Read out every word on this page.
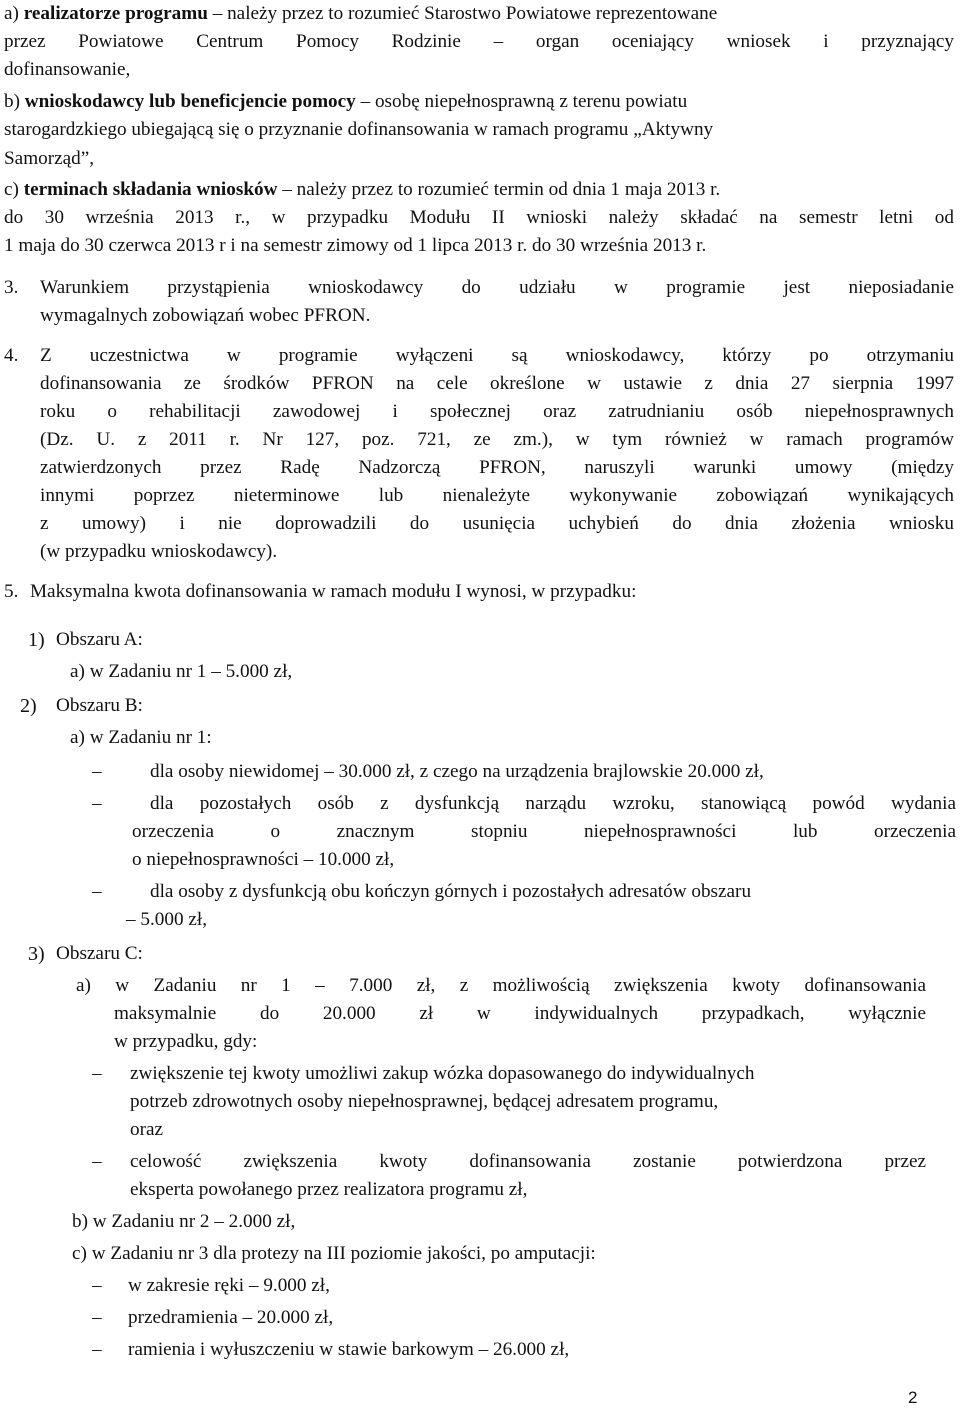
a) realizatorze programu – należy przez to rozumieć Starostwo Powiatowe reprezentowane
przez Powiatowe Centrum Pomocy Rodzinie – organ oceniający wniosek i przyznający
dofinansowanie,
b) wnioskodawcy lub beneficjencie pomocy – osobę niepełnosprawną z terenu powiatu
starogardzkiego ubiegającą się o przyznanie dofinansowania w ramach programu „Aktywny
Samorząd”,
c) terminach składania wniosków – należy przez to rozumieć termin od dnia 1 maja 2013 r.
do 30 września 2013 r., w przypadku Modułu II wnioski należy składać na semestr letni od
1 maja do 30 czerwca 2013 r i na semestr zimowy od 1 lipca 2013 r. do 30 września 2013 r.
3. Warunkiem przystąpienia wnioskodawcy do udziału w programie jest nieposiadanie
wymagalnych zobowiązań wobec PFRON.
4. Z uczestnictwa w programie wyłączeni są wnioskodawcy, którzy po otrzymaniu
dofinansowania ze środków PFRON na cele określone w ustawie z dnia 27 sierpnia 1997
roku o rehabilitacji zawodowej i społecznej oraz zatrudnianiu osób niepełnosprawnych
(Dz. U. z 2011 r. Nr 127, poz. 721, ze zm.), w tym również w ramach programów
zatwierdzonych przez Radę Nadzorczą PFRON, naruszyli warunki umowy (między
innymi poprzez nieterminowe lub nienależyte wykonywanie zobowiązań wynikających
z umowy) i nie doprowadzili do usunięcia uchybień do dnia złożenia wniosku
(w przypadku wnioskodawcy).
5. Maksymalna kwota dofinansowania w ramach modułu I wynosi, w przypadku:
1) Obszaru A:
a) w Zadaniu nr 1 – 5.000 zł,
2) Obszaru B:
a) w Zadaniu nr 1:
–	dla osoby niewidomej – 30.000 zł, z czego na urządzenia brajlowskie 20.000 zł,
–	dla pozostałych osób z dysfunkcją narządu wzroku, stanowiącą powód wydania
orzeczenia o znacznym stopniu niepełnosprawności lub orzeczenia
o niepełnosprawności – 10.000 zł,
–	dla osoby z dysfunkcją obu kończyn górnych i pozostałych adresatów obszaru
– 5.000 zł,
3) Obszaru C:
a) w Zadaniu nr 1 – 7.000 zł, z możliwością zwiększenia kwoty dofinansowania
maksymalnie do 20.000 zł w indywidualnych przypadkach, wyłącznie
w przypadku, gdy:
– zwiększenie tej kwoty umożliwi zakup wózka dopasowanego do indywidualnych
potrzeb zdrowotnych osoby niepełnosprawnej, będącej adresatem programu,
oraz
– celowość zwiększenia kwoty dofinansowania zostanie potwierdzona przez
eksperta powołanego przez realizatora programu zł,
b) w Zadaniu nr 2 – 2.000 zł,
c) w Zadaniu nr 3 dla protezy na III poziomie jakości, po amputacji:
– w zakresie ręki – 9.000 zł,
– przedramienia – 20.000 zł,
– ramienia i wyłuszczeniu w stawie barkowym – 26.000 zł,
2
